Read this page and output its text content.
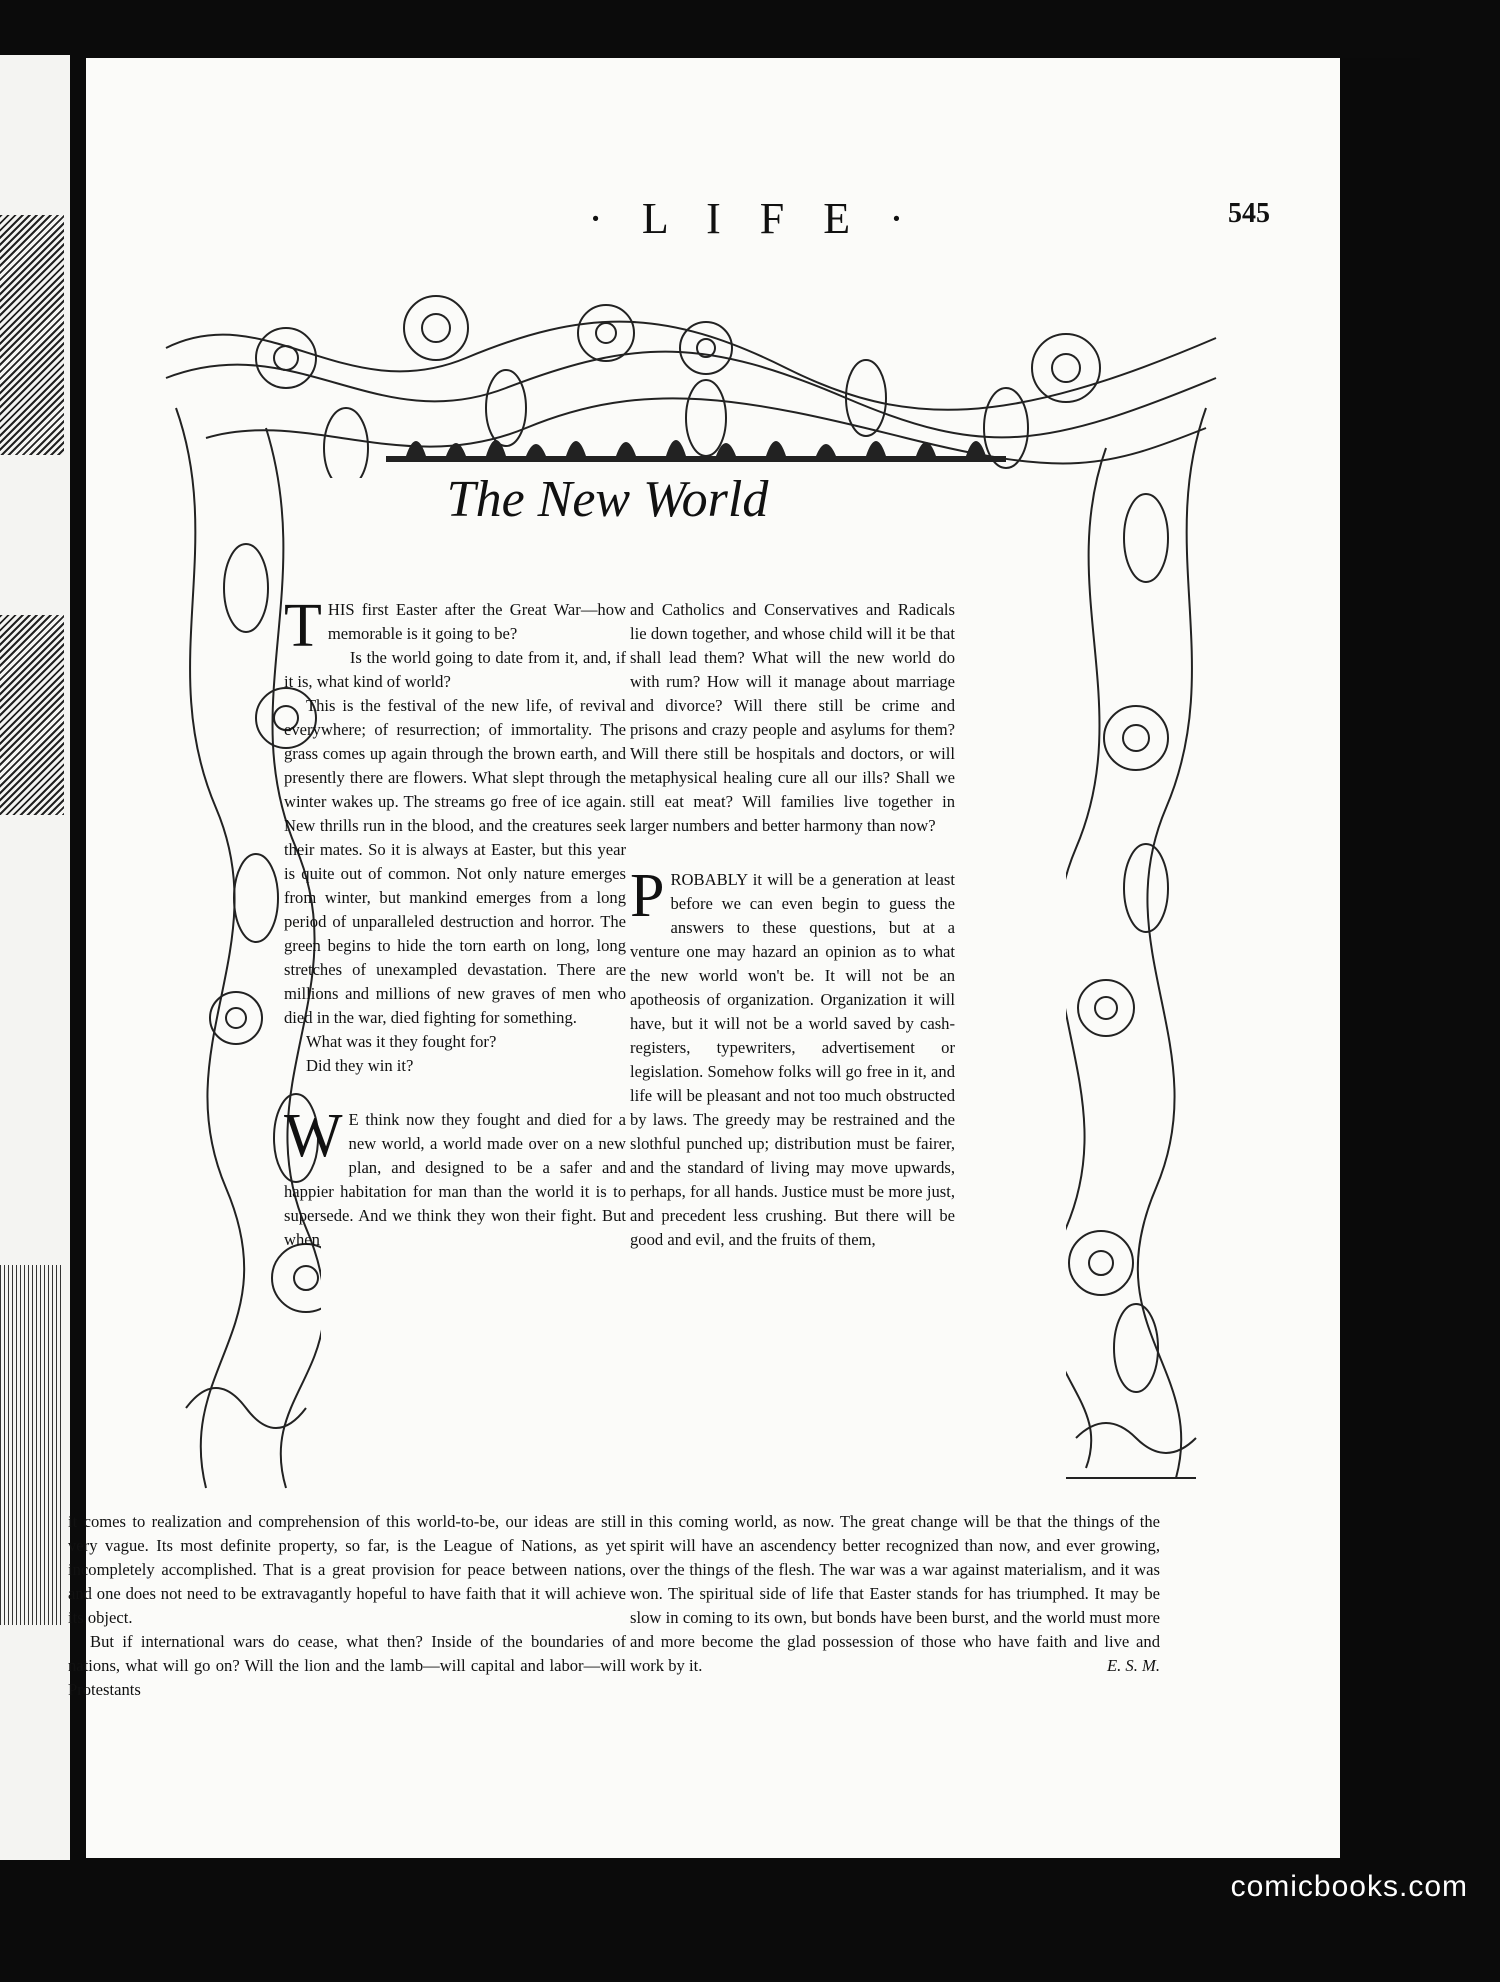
· L I F E ·	545
The New World

THIS first Easter after the Great War—how memorable is it going to be?

Is the world going to date from it, and, if it is, what kind of world?

This is the festival of the new life, of revival everywhere; of resurrection; of immortality. The grass comes up again through the brown earth, and presently there are flowers. What slept through the winter wakes up. The streams go free of ice again. New thrills run in the blood, and the creatures seek their mates. So it is always at Easter, but this year is quite out of common. Not only nature emerges from winter, but mankind emerges from a long period of unparalleled destruction and horror. The green begins to hide the torn earth on long, long stretches of unexampled devastation. There are millions and millions of new graves of men who died in the war, died fighting for something.

What was it they fought for?

Did they win it?

W E think now they fought and died for a new world, a world made over on a new plan, and designed to be a safer and happier habitation for man than the world it is to supersede. And we think they won their fight. But when

and Catholics and Conservatives and Radicals lie down together, and whose child will it be that shall lead them? What will the new world do with rum? How will it manage about marriage and divorce? Will there still be crime and prisons and crazy people and asylums for them? Will there still be hospitals and doctors, or will metaphysical healing cure all our ills? Shall we still eat meat? Will families live together in larger numbers and better harmony than now?

PROBABLY it will be a generation at least before we can even begin to guess the answers to these questions, but at a venture one may hazard an opinion as to what the new world won't be. It will not be an apotheosis of organization. Organization it will have, but it will not be a world saved by cash-registers, typewriters, advertisement or legislation. Somehow folks will go free in it, and life will be pleasant and not too much obstructed by laws. The greedy may be restrained and the slothful punched up; distribution must be fairer, and the standard of living may move upwards, perhaps, for all hands. Justice must be more just, and precedent less crushing. But there will be good and evil, and the fruits of them,

it comes to realization and comprehension of this world-to-be, our ideas are still very vague. Its most definite property, so far, is the League of Nations, as yet incompletely accomplished. That is a great provision for peace between nations, and one does not need to be extravagantly hopeful to have faith that it will achieve its object.

But if international wars do cease, what then? Inside of the boundaries of nations, what will go on? Will the lion and the lamb—will capital and labor—will Protestants

in this coming world, as now. The great change will be that the things of the spirit will have an ascendency better recognized than now, and ever growing, over the things of the flesh. The war was a war against materialism, and it was won. The spiritual side of life that Easter stands for has triumphed. It may be slow in coming to its own, but bonds have been burst, and the world must more and more become the glad possession of those who have faith and live and work by it.	E. S. M.

comicbooks.com
